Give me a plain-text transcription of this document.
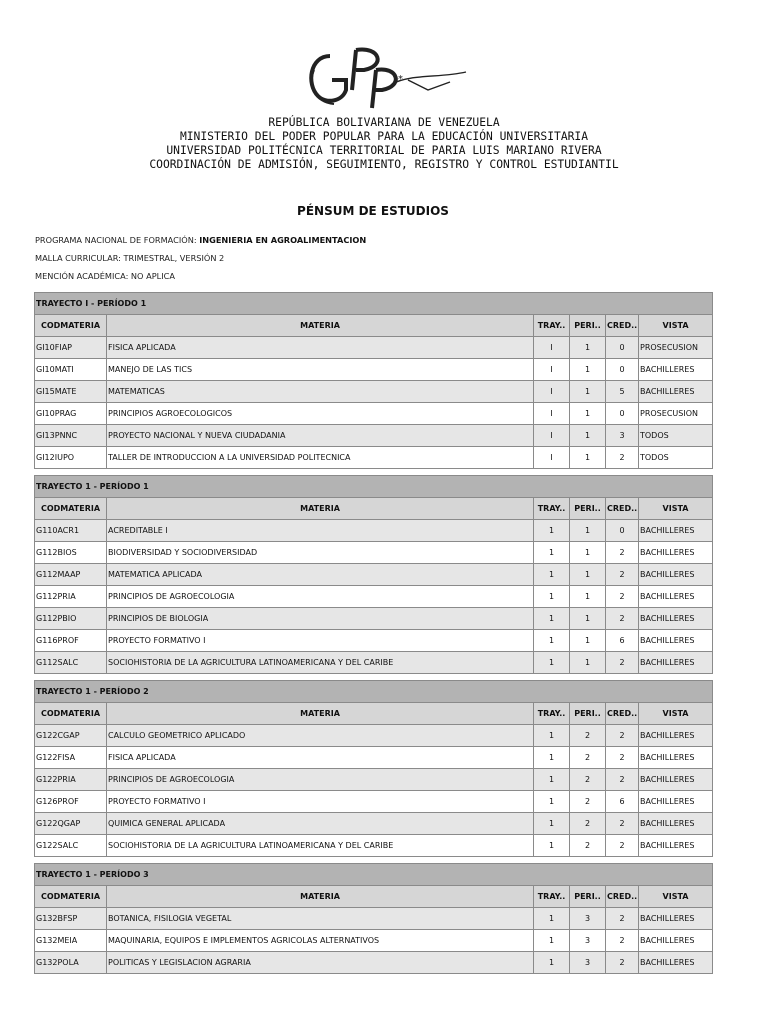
*
REPÚBLICA BOLIVARIANA DE VENEZUELA
MINISTERIO DEL PODER POPULAR PARA LA EDUCACIÓN UNIVERSITARIA
UNIVERSIDAD POLITÉCNICA TERRITORIAL DE PARIA LUIS MARIANO RIVERA
COORDINACIÓN DE ADMISIÓN, SEGUIMIENTO, REGISTRO Y CONTROL ESTUDIANTIL
PÉNSUM DE ESTUDIOS
PROGRAMA NACIONAL DE FORMACIÓN: INGENIERIA EN AGROALIMENTACION
MALLA CURRICULAR: TRIMESTRAL, VERSIÓN 2
MENCIÓN ACADÉMICA: NO APLICA
TRAYECTO I - PERÍODO 1					
CODMATERIA	MATERIA	TRAY..	PERI..	CRED..	VISTA
GI10FIAP	FISICA APLICADA	I	1	0	PROSECUSION
GI10MATI	MANEJO DE LAS TICS	I	1	0	BACHILLERES
GI15MATE	MATEMATICAS	I	1	5	BACHILLERES
GI10PRAG	PRINCIPIOS AGROECOLOGICOS	I	1	0	PROSECUSION
GI13PNNC	PROYECTO NACIONAL Y NUEVA CIUDADANIA	I	1	3	TODOS
GI12IUPO	TALLER DE INTRODUCCION A LA UNIVERSIDAD POLITECNICA	I	1	2	TODOS
TRAYECTO 1 - PERÍODO 1					
CODMATERIA	MATERIA	TRAY..	PERI..	CRED..	VISTA
G110ACR1	ACREDITABLE I	1	1	0	BACHILLERES
G112BIOS	BIODIVERSIDAD Y SOCIODIVERSIDAD	1	1	2	BACHILLERES
G112MAAP	MATEMATICA APLICADA	1	1	2	BACHILLERES
G112PRIA	PRINCIPIOS DE AGROECOLOGIA	1	1	2	BACHILLERES
G112PBIO	PRINCIPIOS DE BIOLOGIA	1	1	2	BACHILLERES
G116PROF	PROYECTO FORMATIVO I	1	1	6	BACHILLERES
G112SALC	SOCIOHISTORIA DE LA AGRICULTURA LATINOAMERICANA Y DEL CARIBE	1	1	2	BACHILLERES
TRAYECTO 1 - PERÍODO 2					
CODMATERIA	MATERIA	TRAY..	PERI..	CRED..	VISTA
G122CGAP	CALCULO GEOMETRICO APLICADO	1	2	2	BACHILLERES
G122FISA	FISICA APLICADA	1	2	2	BACHILLERES
G122PRIA	PRINCIPIOS DE AGROECOLOGIA	1	2	2	BACHILLERES
G126PROF	PROYECTO FORMATIVO I	1	2	6	BACHILLERES
G122QGAP	QUIMICA GENERAL APLICADA	1	2	2	BACHILLERES
G122SALC	SOCIOHISTORIA DE LA AGRICULTURA LATINOAMERICANA Y DEL CARIBE	1	2	2	BACHILLERES
TRAYECTO 1 - PERÍODO 3					
CODMATERIA	MATERIA	TRAY..	PERI..	CRED..	VISTA
G132BFSP	BOTANICA, FISILOGIA VEGETAL	1	3	2	BACHILLERES
G132MEIA	MAQUINARIA, EQUIPOS E IMPLEMENTOS AGRICOLAS ALTERNATIVOS	1	3	2	BACHILLERES
G132POLA	POLITICAS Y LEGISLACION AGRARIA	1	3	2	BACHILLERES
